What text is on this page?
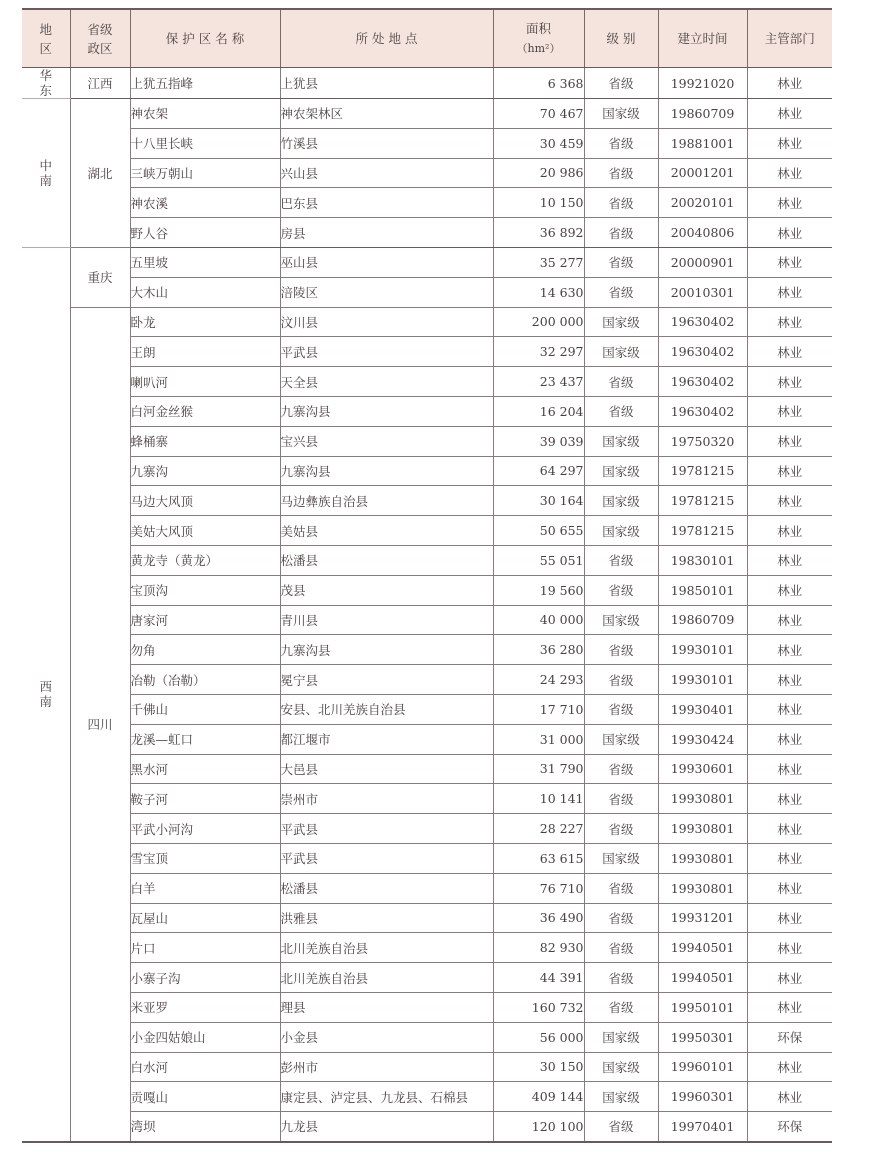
地区	省级政区	保 护 区 名 称	所 处 地 点	面积
（hm²）	级 别	建立时间	主管部门
华东	江西	上犹五指峰	上犹县	6 368	省级	19921020	林业
中南	湖北	神农架	神农架林区	70 467	国家级	19860709	林业
		十八里长峡	竹溪县	30 459	省级	19881001	林业
		三峡万朝山	兴山县	20 986	省级	20001201	林业
		神农溪	巴东县	10 150	省级	20020101	林业
		野人谷	房县	36 892	省级	20040806	林业
西南	重庆	五里坡	巫山县	35 277	省级	20000901	林业
		大木山	涪陵区	14 630	省级	20010301	林业
	四川	卧龙	汶川县	200 000	国家级	19630402	林业
		王朗	平武县	32 297	国家级	19630402	林业
		喇叭河	天全县	23 437	省级	19630402	林业
		白河金丝猴	九寨沟县	16 204	省级	19630402	林业
		蜂桶寨	宝兴县	39 039	国家级	19750320	林业
		九寨沟	九寨沟县	64 297	国家级	19781215	林业
		马边大风顶	马边彝族自治县	30 164	国家级	19781215	林业
		美姑大风顶	美姑县	50 655	国家级	19781215	林业
		黄龙寺（黄龙）	松潘县	55 051	省级	19830101	林业
		宝顶沟	茂县	19 560	省级	19850101	林业
		唐家河	青川县	40 000	国家级	19860709	林业
		勿角	九寨沟县	36 280	省级	19930101	林业
		冶勒（冶勒）	冕宁县	24 293	省级	19930101	林业
		千佛山	安县、北川羌族自治县	17 710	省级	19930401	林业
		龙溪—虹口	都江堰市	31 000	国家级	19930424	林业
		黑水河	大邑县	31 790	省级	19930601	林业
		鞍子河	崇州市	10 141	省级	19930801	林业
		平武小河沟	平武县	28 227	省级	19930801	林业
		雪宝顶	平武县	63 615	国家级	19930801	林业
		白羊	松潘县	76 710	省级	19930801	林业
		瓦屋山	洪雅县	36 490	省级	19931201	林业
		片口	北川羌族自治县	82 930	省级	19940501	林业
		小寨子沟	北川羌族自治县	44 391	省级	19940501	林业
		米亚罗	理县	160 732	省级	19950101	林业
		小金四姑娘山	小金县	56 000	国家级	19950301	环保
		白水河	彭州市	30 150	国家级	19960101	林业
		贡嘎山	康定县、泸定县、九龙县、石棉县	409 144	国家级	19960301	林业
		湾坝	九龙县	120 100	省级	19970401	环保
